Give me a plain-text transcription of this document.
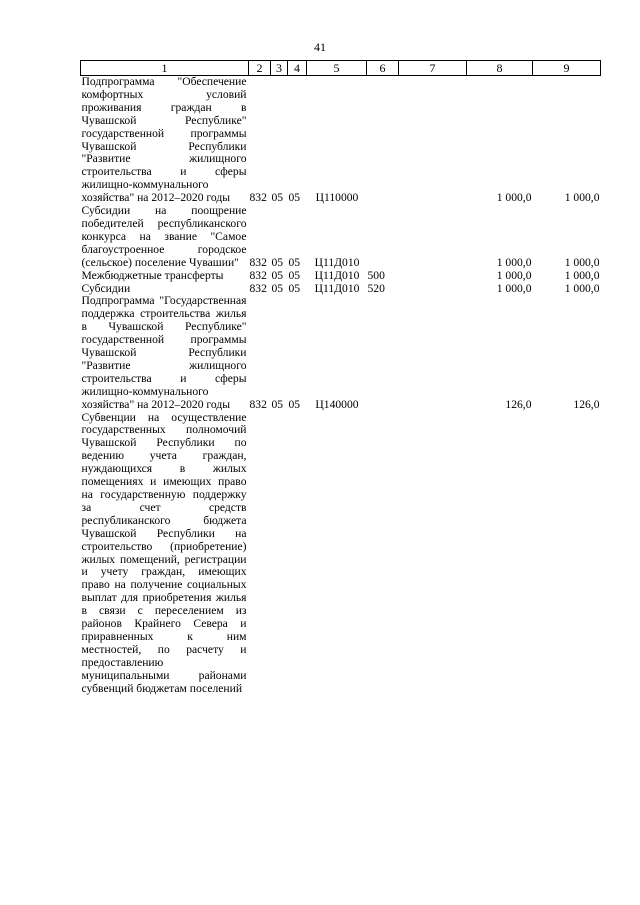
41
1	2	3	4	5	6	7	8	9
Подпрограмма "Обеспечение комфортных условий проживания граждан в Чувашской Республике" государственной программы Чувашской Республики "Развитие жилищного строительства и сферы жилищно-коммунального хозяйства" на 2012–2020 годы	832	05	05	Ц110000			1 000,0	1 000,0
Субсидии на поощрение победителей республиканского конкурса на звание "Самое благоустроенное городское (сельское) поселение Чувашии"	832	05	05	Ц11Д010			1 000,0	1 000,0
Межбюджетные трансферты	832	05	05	Ц11Д010	500		1 000,0	1 000,0
Субсидии	832	05	05	Ц11Д010	520		1 000,0	1 000,0
Подпрограмма "Государственная поддержка строительства жилья в Чувашской Республике" государственной программы Чувашской Республики "Развитие жилищного строительства и сферы жилищно-коммунального хозяйства" на 2012–2020 годы	832	05	05	Ц140000			126,0	126,0
Субвенции на осуществление государственных полномочий Чувашской Республики по ведению учета граждан, нуждающихся в жилых помещениях и имеющих право на государственную поддержку за счет средств республиканского бюджета Чувашской Республики на строительство (приобретение) жилых помещений, регистрации и учету граждан, имеющих право на получение социальных выплат для приобретения жилья в связи с переселением из районов Крайнего Севера и приравненных к ним местностей, по расчету и предоставлению муниципальными районами субвенций бюджетам поселений								
